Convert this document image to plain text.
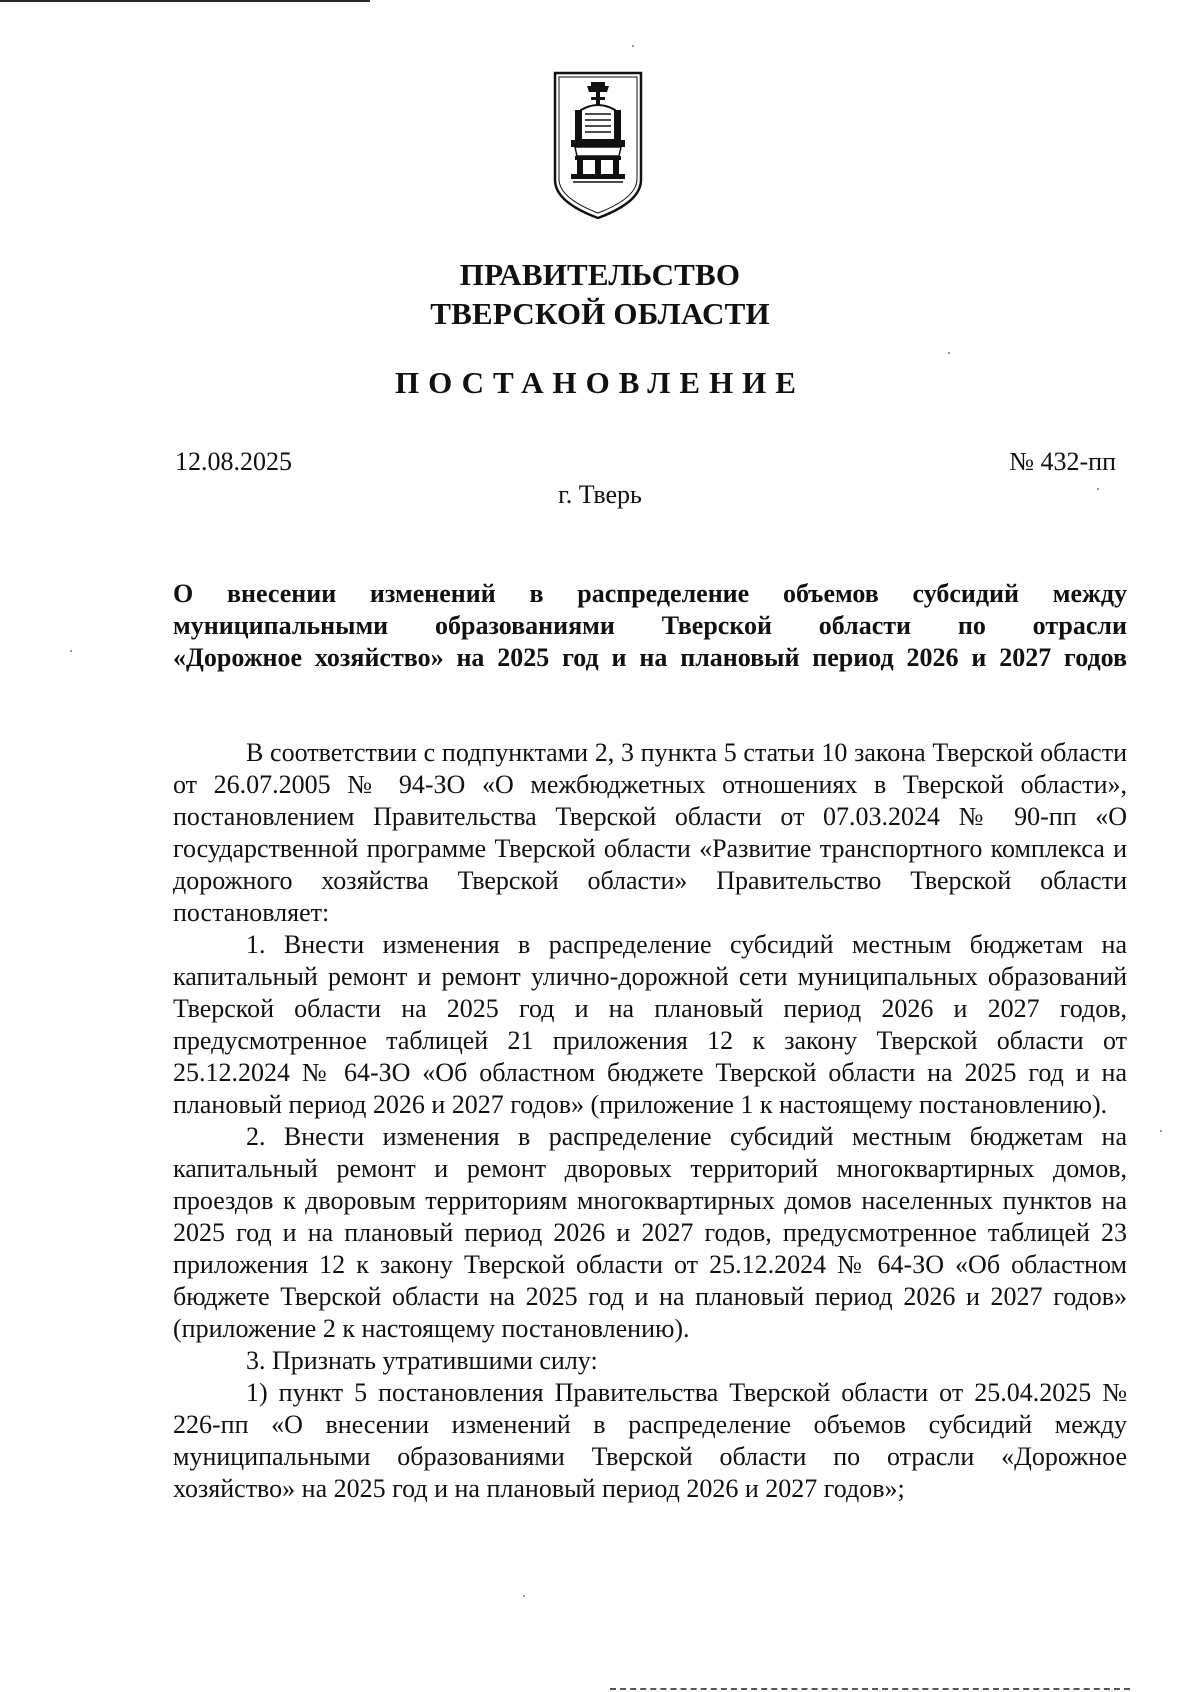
ПРАВИТЕЛЬСТВО
ТВЕРСКОЙ ОБЛАСТИ
ПОСТАНОВЛЕНИЕ
12.08.2025	№ 432-пп
г. Тверь
О внесении изменений в распределение объемов субсидий между
муниципальными образованиями Тверской области по отрасли
«Дорожное хозяйство» на 2025 год и на плановый период 2026 и 2027 годов

В соответствии с подпунктами 2, 3 пункта 5 статьи 10 закона Тверской области от 26.07.2005 № 94-ЗО «О межбюджетных отношениях в Тверской области», постановлением Правительства Тверской области от 07.03.2024 № 90-пп «О государственной программе Тверской области «Развитие транспортного комплекса и дорожного хозяйства Тверской области» Правительство Тверской области постановляет:

1. Внести изменения в распределение субсидий местным бюджетам на капитальный ремонт и ремонт улично-дорожной сети муниципальных образований Тверской области на 2025 год и на плановый период 2026 и 2027 годов, предусмотренное таблицей 21 приложения 12 к закону Тверской области от 25.12.2024 № 64-ЗО «Об областном бюджете Тверской области на 2025 год и на плановый период 2026 и 2027 годов» (приложение 1 к настоящему постановлению).

2. Внести изменения в распределение субсидий местным бюджетам на капитальный ремонт и ремонт дворовых территорий многоквартирных домов, проездов к дворовым территориям многоквартирных домов населенных пунктов на 2025 год и на плановый период 2026 и 2027 годов, предусмотренное таблицей 23 приложения 12 к закону Тверской области от 25.12.2024 № 64-ЗО «Об областном бюджете Тверской области на 2025 год и на плановый период 2026 и 2027 годов» (приложение 2 к настоящему постановлению).

3. Признать утратившими силу:

1) пункт 5 постановления Правительства Тверской области от 25.04.2025 № 226-пп «О внесении изменений в распределение объемов субсидий между муниципальными образованиями Тверской области по отрасли «Дорожное хозяйство» на 2025 год и на плановый период 2026 и 2027 годов»;
